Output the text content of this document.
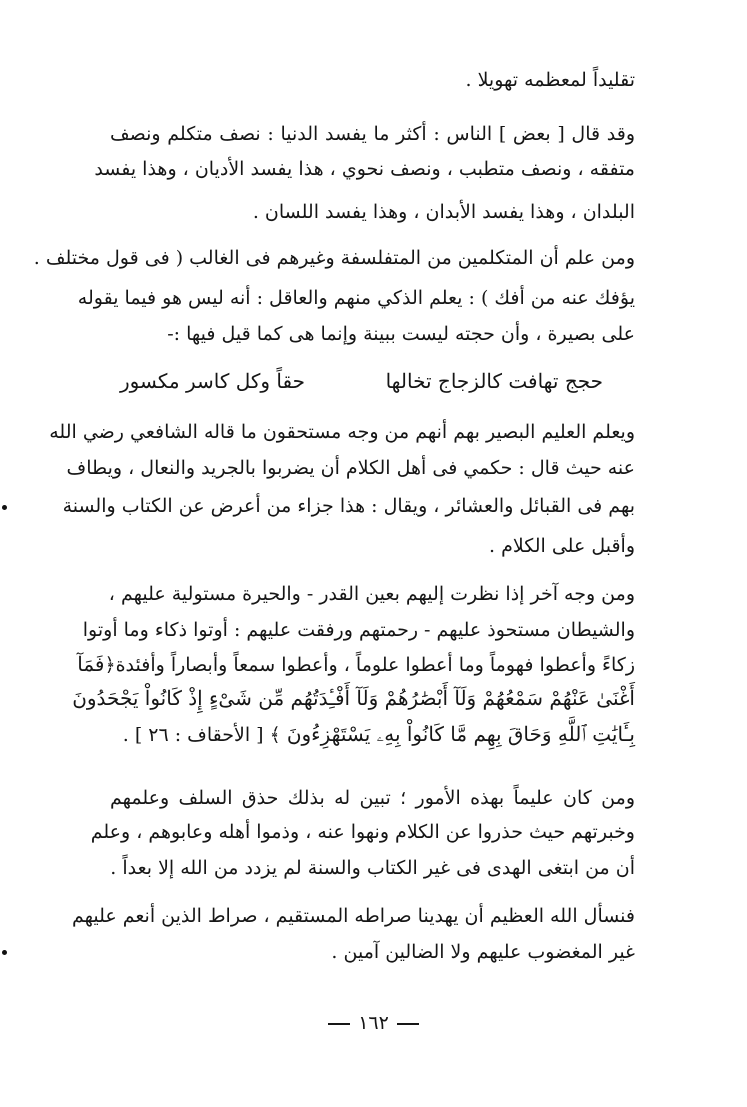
تقليداً لمعظمه تهويلا .
وقد قال [ بعض ] الناس : أكثر ما يفسد الدنيا : نصف متكلم ونصف
متفقه ، ونصف متطبب ، ونصف نحوي ، هذا يفسد الأديان ، وهذا يفسد
البلدان ، وهذا يفسد الأبدان ، وهذا يفسد اللسان .
ومن علم أن المتكلمين من المتفلسفة وغيرهم فى الغالب ( فى قول مختلف .
يؤفك عنه من أفك ) : يعلم الذكي منهم والعاقل : أنه ليس هو فيما يقوله
على بصيرة ، وأن حجته ليست ببينة وإنما هى كما قيل فيها :-
حجج تهافت كالزجاج تخالها
حقاً وكل كاسر مكسور
ويعلم العليم البصير بهم أنهم من وجه مستحقون ما قاله الشافعي رضي الله
عنه حيث قال : حكمي فى أهل الكلام أن يضربوا بالجريد والنعال ، ويطاف
بهم فى القبائل والعشائر ، ويقال : هذا جزاء من أعرض عن الكتاب والسنة
وأقبل على الكلام .
ومن وجه آخر إذا نظرت إليهم بعين القدر - والحيرة مستولية عليهم ،
والشيطان مستحوذ عليهم - رحمتهم ورفقت عليهم : أوتوا ذكاء وما أوتوا
زكاءً وأعطوا فهوماً وما أعطوا علوماً ، وأعطوا سمعاً وأبصاراً وأفئدة﴿فَمَآ
أَغْنَىٰ عَنْهُمْ سَمْعُهُمْ وَلَآ أَبْصَٰرُهُمْ وَلَآ أَفْـِٔدَتُهُم مِّن شَىْءٍ إِذْ كَانُواْ يَجْحَدُونَ
بِـَٔايَٰتِ ٱللَّهِ وَحَاقَ بِهِم مَّا كَانُواْ بِهِۦ يَسْتَهْزِءُونَ ﴾ [ الأحقاف : ٢٦ ] .
ومن كان عليماً بهذه الأمور ؛ تبين له بذلك حذق السلف وعلمهم
وخبرتهم حيث حذروا عن الكلام ونهوا عنه ، وذموا أهله وعابوهم ، وعلم
أن من ابتغى الهدى فى غير الكتاب والسنة لم يزدد من الله إلا بعداً .
فنسأل الله العظيم أن يهدينا صراطه المستقيم ، صراط الذين أنعم عليهم
غير المغضوب عليهم ولا الضالين آمين .
١٦٢
